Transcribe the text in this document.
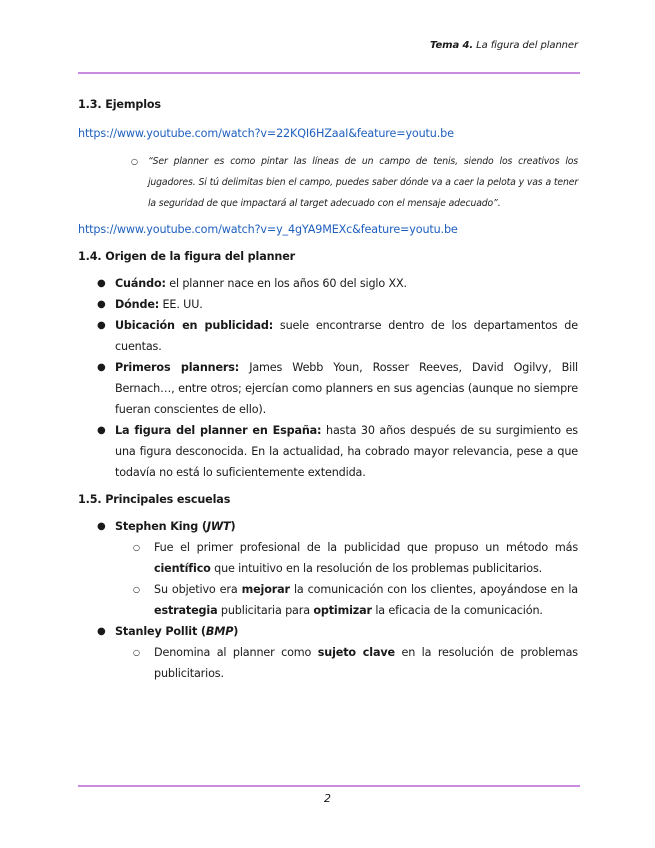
Tema 4. La figura del planner

1.3. Ejemplos

https://www.youtube.com/watch?v=22KQI6HZaaI&feature=youtu.be
○	“Ser planner es como pintar las líneas de un campo de tenis, siendo los creativos los jugadores. Si tú delimitas bien el campo, puedes saber dónde va a caer la pelota y vas a tener la seguridad de que impactará al target adecuado con el mensaje adecuado”.
https://www.youtube.com/watch?v=y_4gYA9MEXc&feature=youtu.be

1.4. Origen de la figura del planner

● Cuándo: el planner nace en los años 60 del siglo XX.
● Dónde: EE. UU.
● Ubicación en publicidad: suele encontrarse dentro de los departamentos de cuentas.
● Primeros planners: James Webb Youn, Rosser Reeves, David Ogilvy, Bill Bernach…, entre otros; ejercían como planners en sus agencias (aunque no siempre fueran conscientes de ello).
● La figura del planner en España: hasta 30 años después de su surgimiento es una figura desconocida. En la actualidad, ha cobrado mayor relevancia, pese a que todavía no está lo suficientemente extendida.

1.5. Principales escuelas

● Stephen King (JWT)
○ Fue el primer profesional de la publicidad que propuso un método más científico que intuitivo en la resolución de los problemas publicitarios.
○ Su objetivo era mejorar la comunicación con los clientes, apoyándose en la estrategia publicitaria para optimizar la eficacia de la comunicación.
● Stanley Pollit (BMP)
○ Denomina al planner como sujeto clave en la resolución de problemas publicitarios.
2
